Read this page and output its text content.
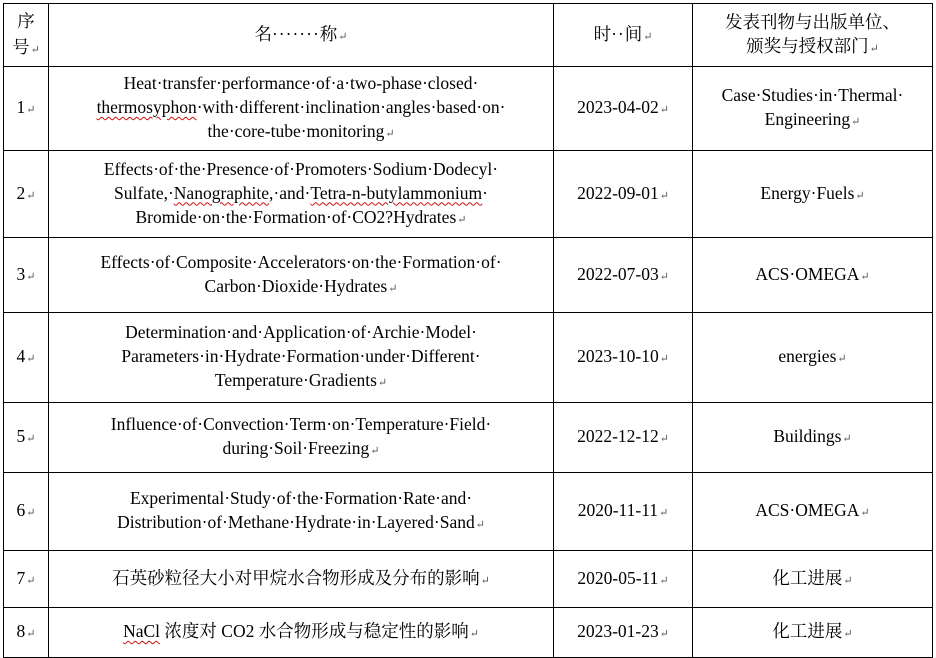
序
号↵	名·······称↵	时··间↵	发表刊物与出版单位、
颁奖与授权部门↵
1↵	Heat·transfer·performance·of·a·two-phase·closed·
thermosyphon·with·different·inclination·angles·based·on·
the·core-tube·monitoring↵	2023-04-02↵	Case·Studies·in·Thermal·
Engineering↵
2↵	Effects·of·the·Presence·of·Promoters·Sodium·Dodecyl·
Sulfate,·Nanographite,·and·Tetra-n-butylammonium·
Bromide·on·the·Formation·of·CO2?Hydrates↵	2022-09-01↵	Energy·Fuels↵
3↵	Effects·of·Composite·Accelerators·on·the·Formation·of·
Carbon·Dioxide·Hydrates↵	2022-07-03↵	ACS·OMEGA↵
4↵	Determination·and·Application·of·Archie·Model·
Parameters·in·Hydrate·Formation·under·Different·
Temperature·Gradients↵	2023-10-10↵	energies↵
5↵	Influence·of·Convection·Term·on·Temperature·Field·
during·Soil·Freezing↵	2022-12-12↵	Buildings↵
6↵	Experimental·Study·of·the·Formation·Rate·and·
Distribution·of·Methane·Hydrate·in·Layered·Sand↵	2020-11-11↵	ACS·OMEGA↵
7↵	石英砂粒径大小对甲烷水合物形成及分布的影响↵	2020-05-11↵	化工进展↵
8↵	NaCl 浓度对 CO2 水合物形成与稳定性的影响↵	2023-01-23↵	化工进展↵
